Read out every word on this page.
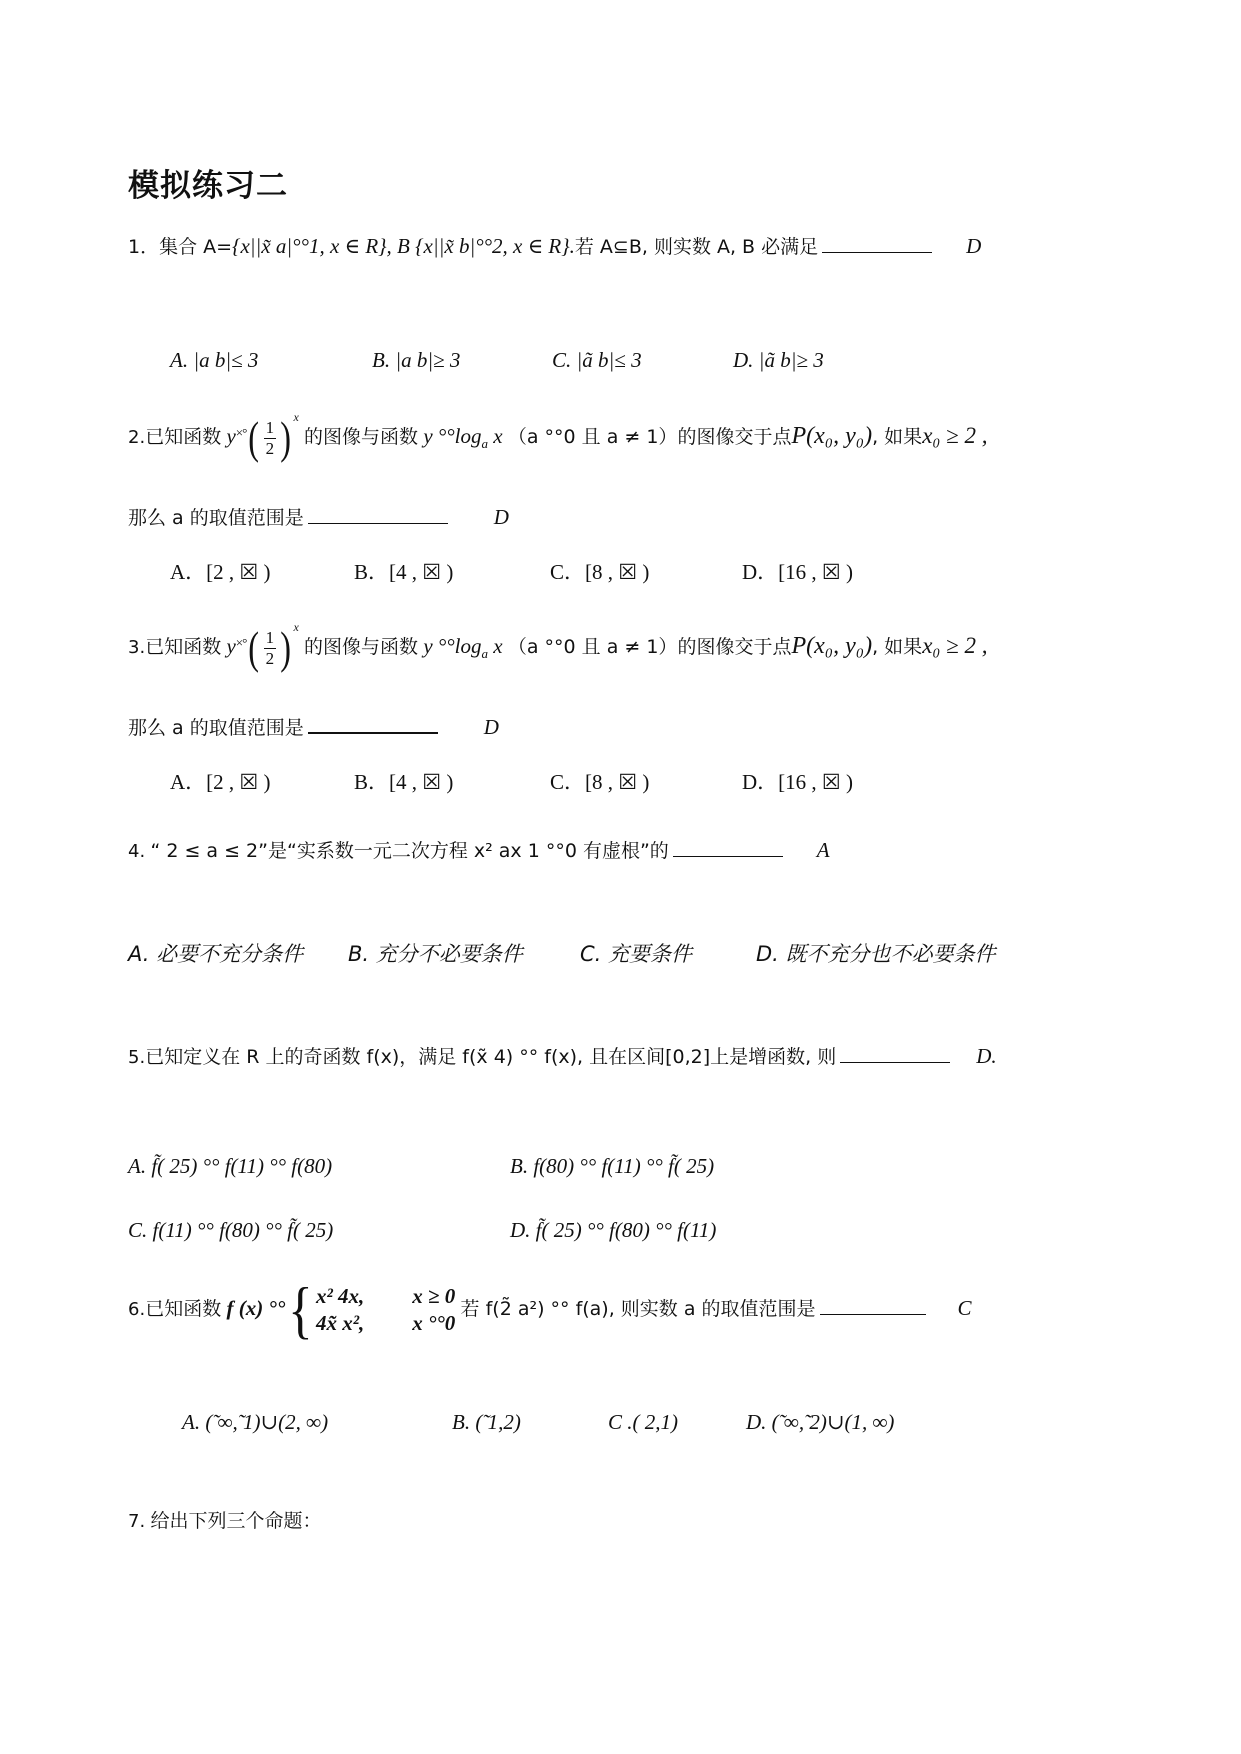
模拟练习二
1．集合 A={x||x̃ a|°°1, x ∈ R}, B {x||x̃ b|°°2, x ∈ R}.若 A⊆B, 则实数 A, B 必满足	D
A. |a b|≤ 3	B. |a b|≥ 3	C. |ã b|≤ 3	D. |ã b|≥ 3
2.已知函数 $y^{\times^\circ}( \frac{1}{2}$ ) $^x$ 的图像与函数 y $^\circ^\circ\log_a$ x （a °°0 且 a ≠ 1）的图像交于点P(x₀, y₀), 如果x₀ ≥ 2 ,
那么 a 的取值范围是	D
A．[2 , ☒ )	B．[4 , ☒ )	C．[8 , ☒ )	D．[16 , ☒ )
3.已知函数 $y^{\times^\circ}( \frac{1}{2}$ ) $^x$ 的图像与函数 y $^\circ^\circ\log_a$ x （a °°0 且 a ≠ 1）的图像交于点P(x₀, y₀), 如果x₀ ≥ 2 ,
那么 a 的取值范围是	D
A．[2 , ☒ )	B．[4 , ☒ )	C．[8 , ☒ )	D．[16 , ☒ )
4. “ 2 ≤ a ≤ 2”是“实系数一元二次方程 x² ax 1 °°0 有虚根”的	A
A. 必要不充分条件 B. 充分不必要条件	C. 充要条件	D. 既不充分也不必要条件
5.已知定义在 R 上的奇函数 f(x)，满足 f(x̃ 4) °° f(x), 且在区间[0,2]上是增函数, 则	D.
A. f̃( 25) °° f(11) °° f(80)	B. f(80) °° f(11) °° f̃( 25)
C. f(11) °° f(80) °° f̃( 25)	D. f̃( 25) °° f(80) °° f(11)
6.已知函数 f (x) °°{ x² 4x, x ≥ 0
4x̃ x², x °°0
若 f(2̃ a²) °° f(a), 则实数 a 的取值范围是	C
A. (̃ ∞,̃ 1)∪(2, ∞)	B. (̃ 1,2)	C .( 2,1)	D. (̃ ∞,̃ 2)∪(1, ∞)
7. 给出下列三个命题：
